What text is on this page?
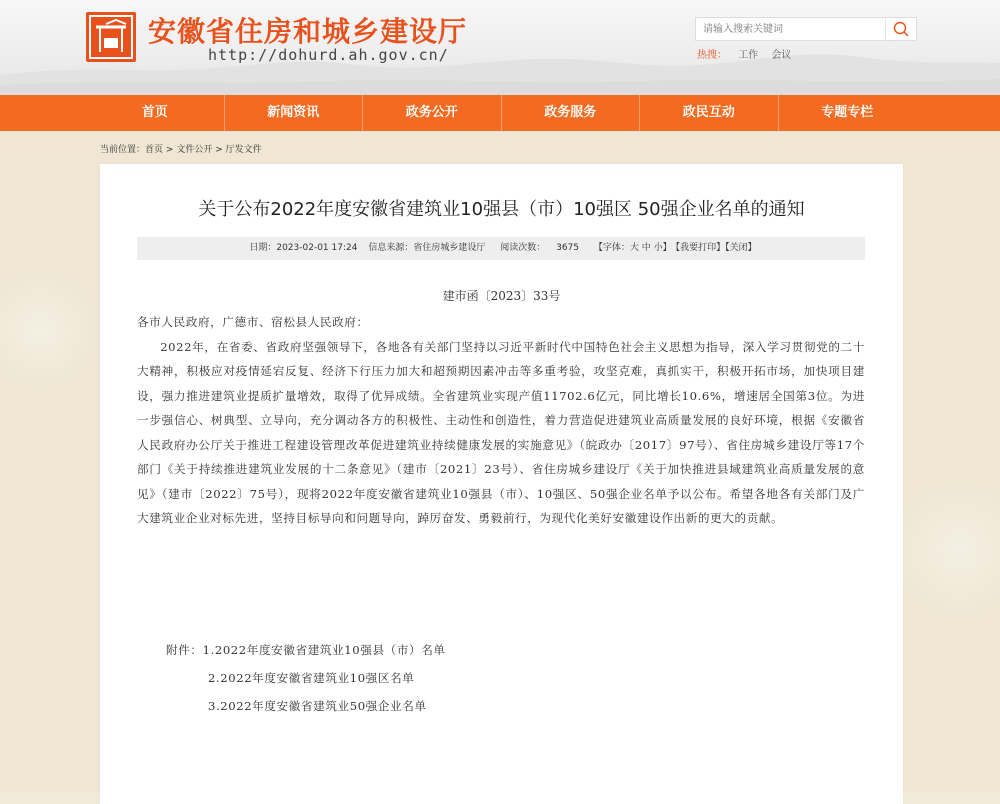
安徽省住房和城乡建设厅
http://dohurd.ah.gov.cn/
请输入搜索关键词	热搜： 工作 会议
首页	新闻资讯	政务公开	政务服务	政民互动	专题专栏
当前位置：首页 > 文件公开 > 厅发文件
关于公布2022年度安徽省建筑业10强县（市）10强区 50强企业名单的通知
日期：2023-02-01 17:24 信息来源：省住房城乡建设厅 阅读次数： 3675 【字体：大 中 小】 【我要打印】【关闭】
建市函〔2023〕33号

各市人民政府，广德市、宿松县人民政府：

2022年，在省委、省政府坚强领导下，各地各有关部门坚持以习近平新时代中国特色社会主义思想为指导，深入学习贯彻党的二十大精神，积极应对疫情延宕反复、经济下行压力加大和超预期因素冲击等多重考验，攻坚克难，真抓实干，积极开拓市场，加快项目建设，强力推进建筑业提质扩量增效，取得了优异成绩。全省建筑业实现产值11702.6亿元，同比增长10.6%，增速居全国第3位。为进一步强信心、树典型、立导向，充分调动各方的积极性、主动性和创造性，着力营造促进建筑业高质量发展的良好环境，根据《安徽省人民政府办公厅关于推进工程建设管理改革促进建筑业持续健康发展的实施意见》（皖政办〔2017〕97号）、省住房城乡建设厅等17个部门《关于持续推进建筑业发展的十二条意见》（建市〔2021〕23号）、省住房城乡建设厅《关于加快推进县域建筑业高质量发展的意见》（建市〔2022〕75号），现将2022年度安徽省建筑业10强县（市）、10强区、50强企业名单予以公布。希望各地各有关部门及广大建筑业企业对标先进，坚持目标导向和问题导向，踔厉奋发、勇毅前行，为现代化美好安徽建设作出新的更大的贡献。

附件：1.2022年度安徽省建筑业10强县（市）名单
2.2022年度安徽省建筑业10强区名单
3.2022年度安徽省建筑业50强企业名单
